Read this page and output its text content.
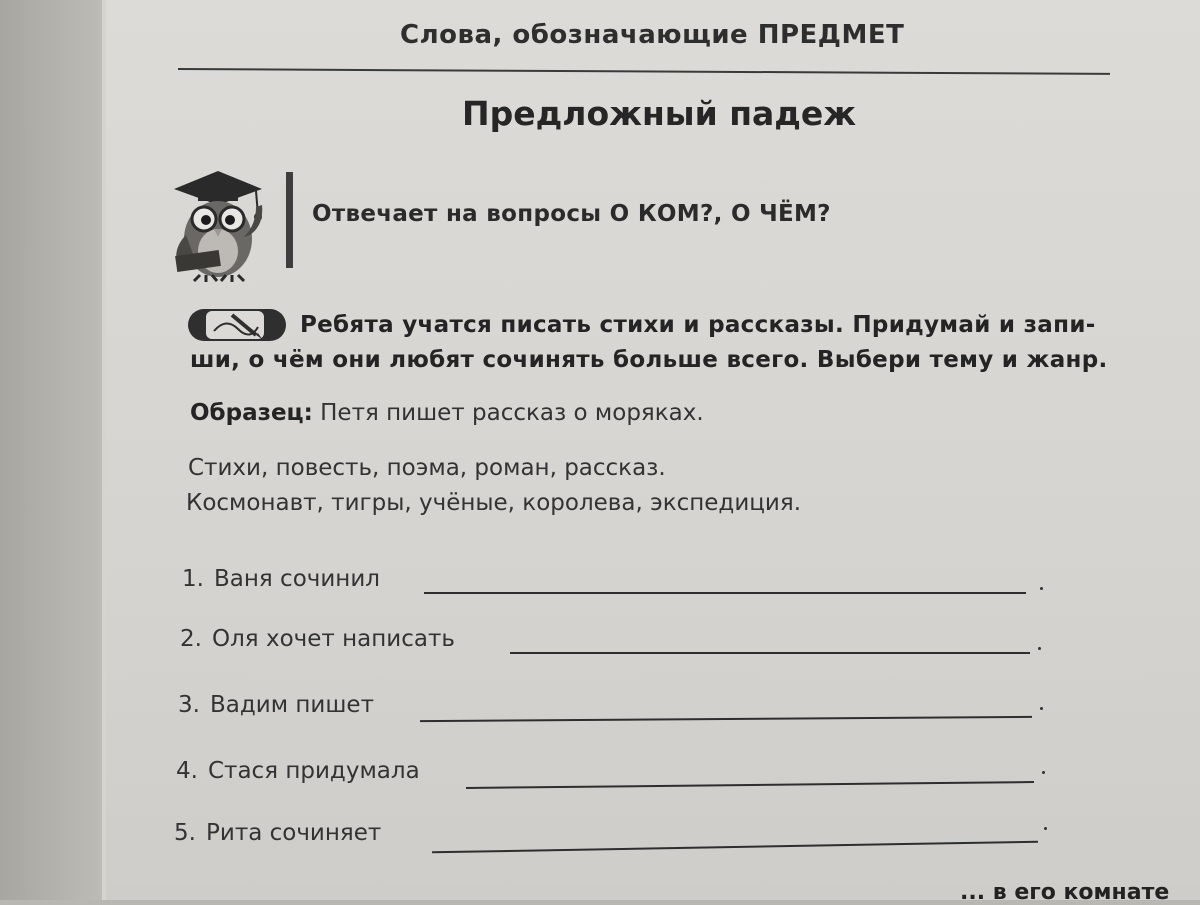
Слова, обозначающие ПРЕДМЕТ
Предложный падеж
Отвечает на вопросы О КОМ?, О ЧЁМ?
Ребята учатся писать стихи и рассказы. Придумай и запи-
ши, о чём они любят сочинять больше всего. Выбери тему и жанр.
Образец: Петя пишет рассказ о моряках.
Стихи, повесть, поэма, роман, рассказ.
Космонавт, тигры, учёные, королева, экспедиция.
1. Ваня сочинил
2. Оля хочет написать
3. Вадим пишет
4. Стася придумала
5. Рита сочиняет
... в его комнате
